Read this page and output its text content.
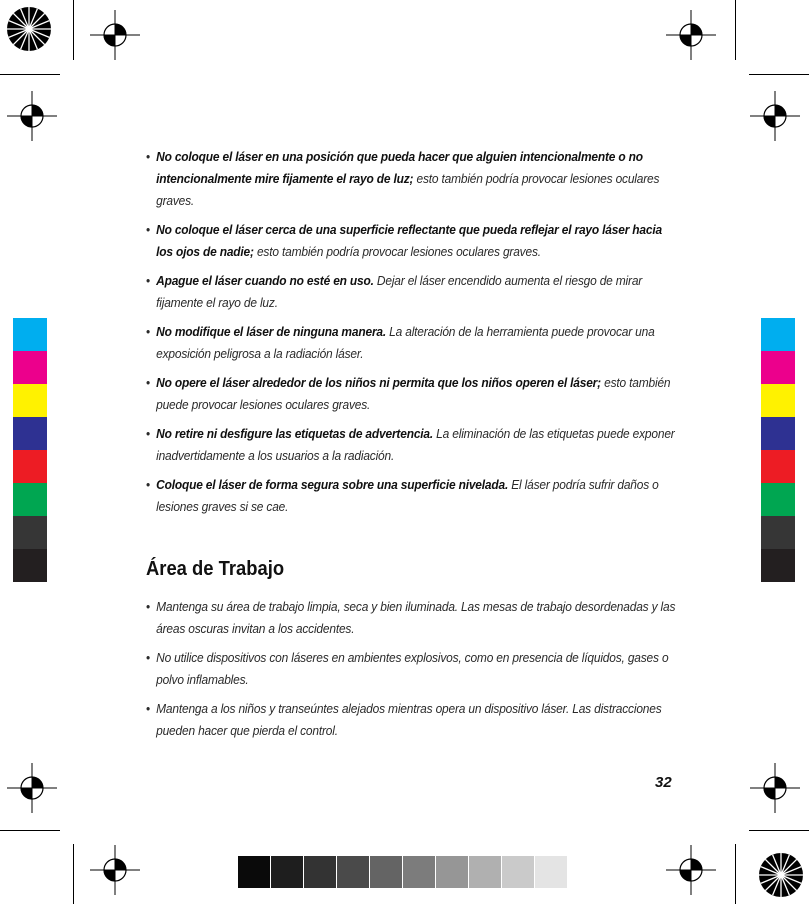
• No coloque el láser en una posición que pueda hacer que alguien intencionalmente o no intencionalmente mire fijamente el rayo de luz; esto también podría provocar lesiones oculares graves.
• No coloque el láser cerca de una superficie reflectante que pueda reflejar el rayo láser hacia los ojos de nadie; esto también podría provocar lesiones oculares graves.
• Apague el láser cuando no esté en uso. Dejar el láser encendido aumenta el riesgo de mirar fijamente el rayo de luz.
• No modifique el láser de ninguna manera. La alteración de la herramienta puede provocar una exposición peligrosa a la radiación láser.
• No opere el láser alrededor de los niños ni permita que los niños operen el láser; esto también puede provocar lesiones oculares graves.
• No retire ni desfigure las etiquetas de advertencia. La eliminación de las etiquetas puede exponer inadvertidamente a los usuarios a la radiación.
• Coloque el láser de forma segura sobre una superficie nivelada. El láser podría sufrir daños o lesiones graves si se cae.
Área de Trabajo
• Mantenga su área de trabajo limpia, seca y bien iluminada. Las mesas de trabajo desordenadas y las áreas oscuras invitan a los accidentes.
• No utilice dispositivos con láseres en ambientes explosivos, como en presencia de líquidos, gases o polvo inflamables.
• Mantenga a los niños y transeúntes alejados mientras opera un dispositivo láser. Las distracciones pueden hacer que pierda el control.
32
